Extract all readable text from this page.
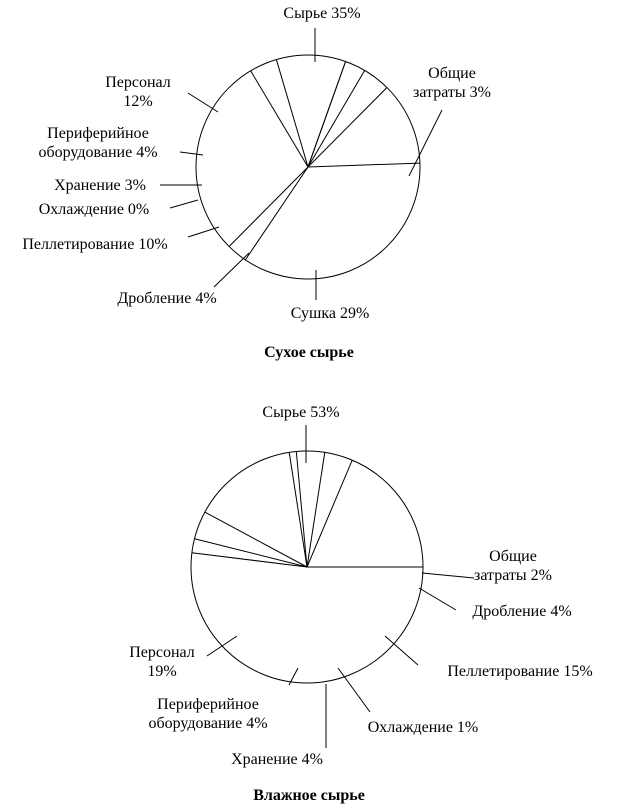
Сырье 35%
Общие затраты 3%
Сушка 29%
Дробление 4%
Пеллетирование 10%
Охлаждение 0%
Хранение 3%
Периферийное оборудование 4%
Персонал 12%
Сухое сырье
Сырье 53%
Общие затраты 2%
Дробление 4%
Пеллетирование 15%
Охлаждение 1%
Хранение 4%
Периферийное оборудование 4%
Персонал 19%
Влажное сырье
